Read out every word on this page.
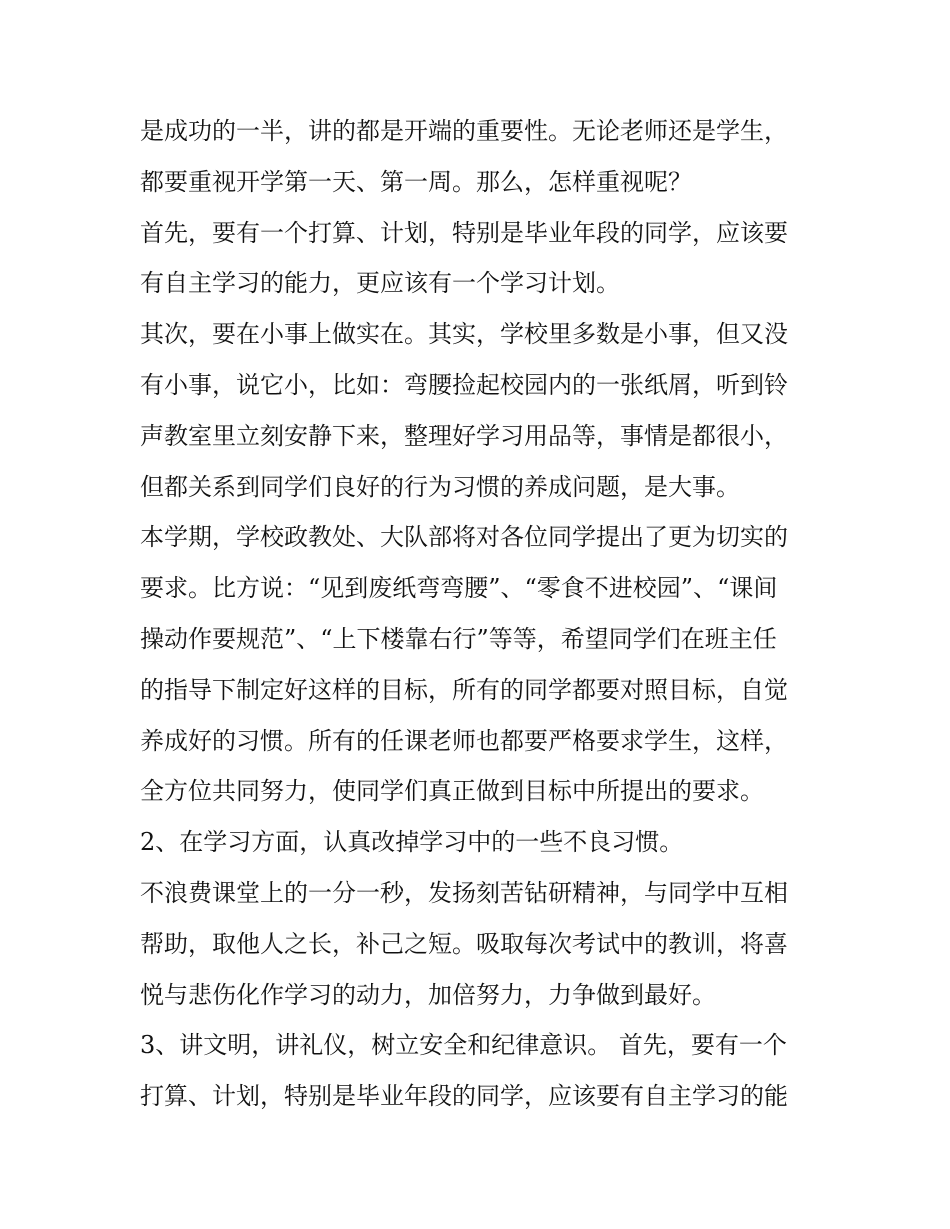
是成功的一半，讲的都是开端的重要性。无论老师还是学生，
都要重视开学第一天、第一周。那么，怎样重视呢？
首先，要有一个打算、计划，特别是毕业年段的同学，应该要
有自主学习的能力，更应该有一个学习计划。
其次，要在小事上做实在。其实，学校里多数是小事，但又没
有小事，说它小，比如：弯腰捡起校园内的一张纸屑，听到铃
声教室里立刻安静下来，整理好学习用品等，事情是都很小，
但都关系到同学们良好的行为习惯的养成问题，是大事。
本学期，学校政教处、大队部将对各位同学提出了更为切实的
要求。比方说：“见到废纸弯弯腰”、“零食不进校园”、“课间
操动作要规范”、“上下楼靠右行”等等，希望同学们在班主任
的指导下制定好这样的目标，所有的同学都要对照目标，自觉
养成好的习惯。所有的任课老师也都要严格要求学生，这样，
全方位共同努力，使同学们真正做到目标中所提出的要求。
2、在学习方面，认真改掉学习中的一些不良习惯。
不浪费课堂上的一分一秒，发扬刻苦钻研精神，与同学中互相
帮助，取他人之长，补己之短。吸取每次考试中的教训，将喜
悦与悲伤化作学习的动力，加倍努力，力争做到最好。
3、讲文明，讲礼仪，树立安全和纪律意识。 首先，要有一个
打算、计划，特别是毕业年段的同学，应该要有自主学习的能
